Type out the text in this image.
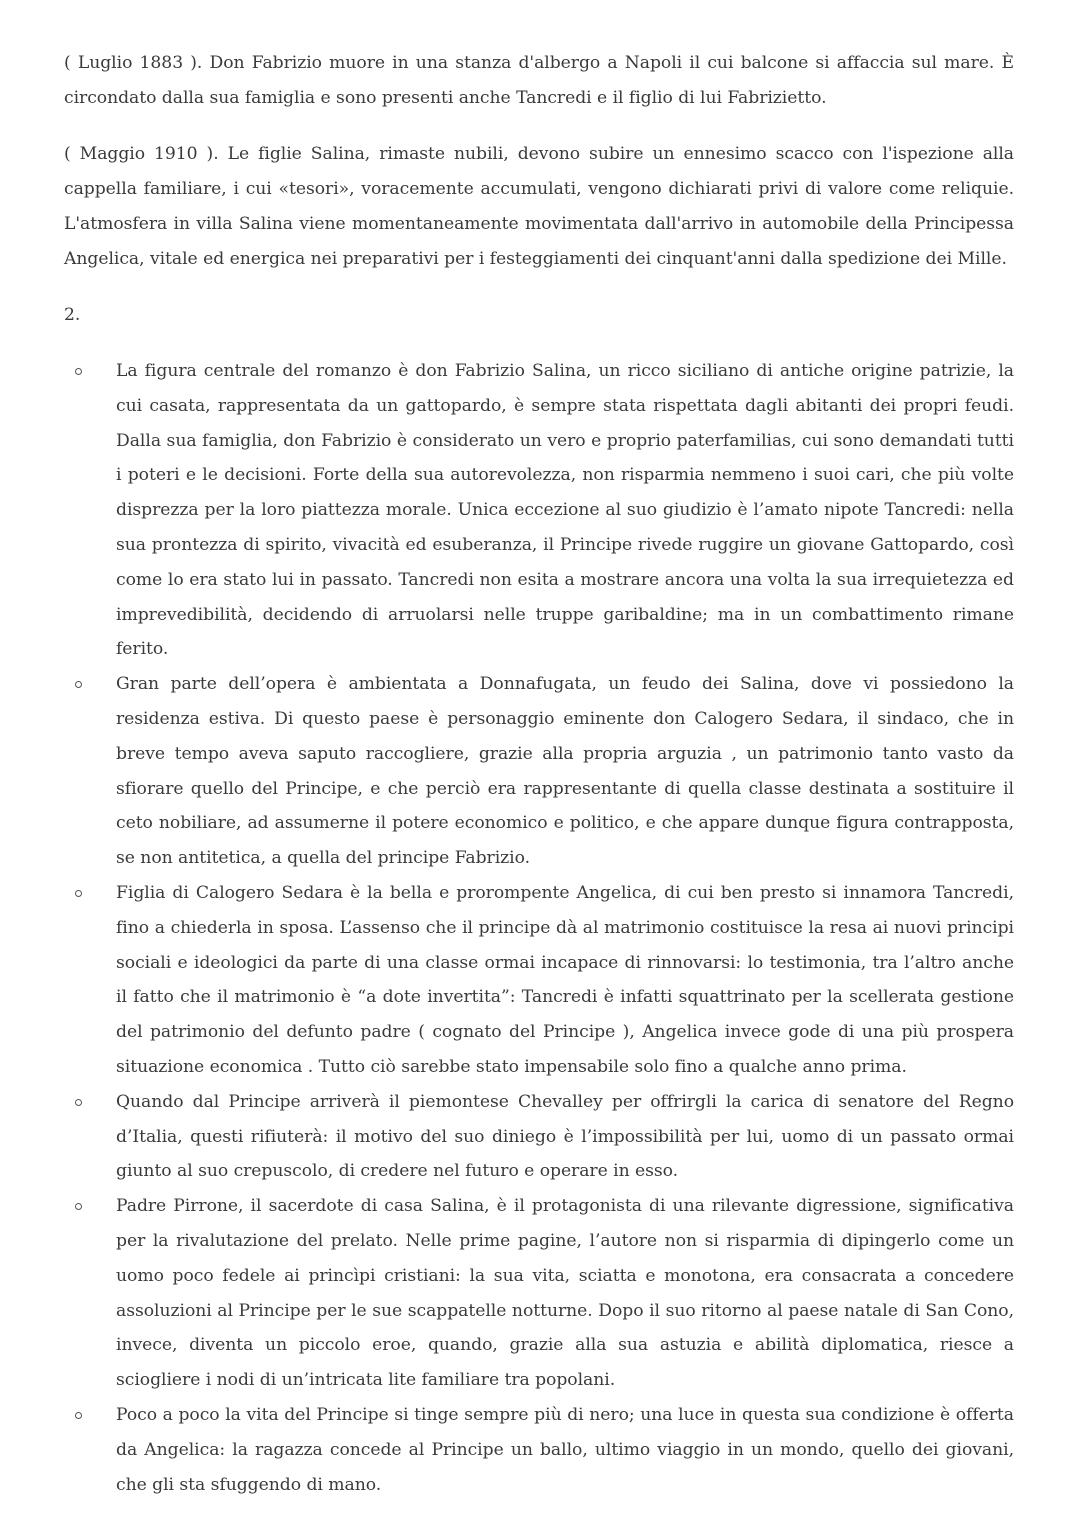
( Luglio 1883 ). Don Fabrizio muore in una stanza d'albergo a Napoli il cui balcone si affaccia sul mare. È circondato dalla sua famiglia e sono presenti anche Tancredi e il figlio di lui Fabrizietto.

( Maggio 1910 ). Le figlie Salina, rimaste nubili, devono subire un ennesimo scacco con l'ispezione alla cappella familiare, i cui «tesori», voracemente accumulati, vengono dichiarati privi di valore come reliquie. L'atmosfera in villa Salina viene momentaneamente movimentata dall'arrivo in automobile della Principessa Angelica, vitale ed energica nei preparativi per i festeggiamenti dei cinquant'anni dalla spedizione dei Mille.

2.
La figura centrale del romanzo è don Fabrizio Salina, un ricco siciliano di antiche origine patrizie, la cui casata, rappresentata da un gattopardo, è sempre stata rispettata dagli abitanti dei propri feudi. Dalla sua famiglia, don Fabrizio è considerato un vero e proprio paterfamilias, cui sono demandati tutti i poteri e le decisioni. Forte della sua autorevolezza, non risparmia nemmeno i suoi cari, che più volte disprezza per la loro piattezza morale. Unica eccezione al suo giudizio è l’amato nipote Tancredi: nella sua prontezza di spirito, vivacità ed esuberanza, il Principe rivede ruggire un giovane Gattopardo, così come lo era stato lui in passato. Tancredi non esita a mostrare ancora una volta la sua irrequietezza ed imprevedibilità, decidendo di arruolarsi nelle truppe garibaldine; ma in un combattimento rimane ferito.
Gran parte dell’opera è ambientata a Donnafugata, un feudo dei Salina, dove vi possiedono la residenza estiva. Di questo paese è personaggio eminente don Calogero Sedara, il sindaco, che in breve tempo aveva saputo raccogliere, grazie alla propria arguzia , un patrimonio tanto vasto da sfiorare quello del Principe, e che perciò era rappresentante di quella classe destinata a sostituire il ceto nobiliare, ad assumerne il potere economico e politico, e che appare dunque figura contrapposta, se non antitetica, a quella del principe Fabrizio.
Figlia di Calogero Sedara è la bella e prorompente Angelica, di cui ben presto si innamora Tancredi, fino a chiederla in sposa. L’assenso che il principe dà al matrimonio costituisce la resa ai nuovi principi sociali e ideologici da parte di una classe ormai incapace di rinnovarsi: lo testimonia, tra l’altro anche il fatto che il matrimonio è “a dote invertita”: Tancredi è infatti squattrinato per la scellerata gestione del patrimonio del defunto padre ( cognato del Principe ), Angelica invece gode di una più prospera situazione economica . Tutto ciò sarebbe stato impensabile solo fino a qualche anno prima.
Quando dal Principe arriverà il piemontese Chevalley per offrirgli la carica di senatore del Regno d’Italia, questi rifiuterà: il motivo del suo diniego è l’impossibilità per lui, uomo di un passato ormai giunto al suo crepuscolo, di credere nel futuro e operare in esso.
Padre Pirrone, il sacerdote di casa Salina, è il protagonista di una rilevante digressione, significativa per la rivalutazione del prelato. Nelle prime pagine, l’autore non si risparmia di dipingerlo come un uomo poco fedele ai princìpi cristiani: la sua vita, sciatta e monotona, era consacrata a concedere assoluzioni al Principe per le sue scappatelle notturne. Dopo il suo ritorno al paese natale di San Cono, invece, diventa un piccolo eroe, quando, grazie alla sua astuzia e abilità diplomatica, riesce a sciogliere i nodi di un’intricata lite familiare tra popolani.
Poco a poco la vita del Principe si tinge sempre più di nero; una luce in questa sua condizione è offerta da Angelica: la ragazza concede al Principe un ballo, ultimo viaggio in un mondo, quello dei giovani, che gli sta sfuggendo di mano.
